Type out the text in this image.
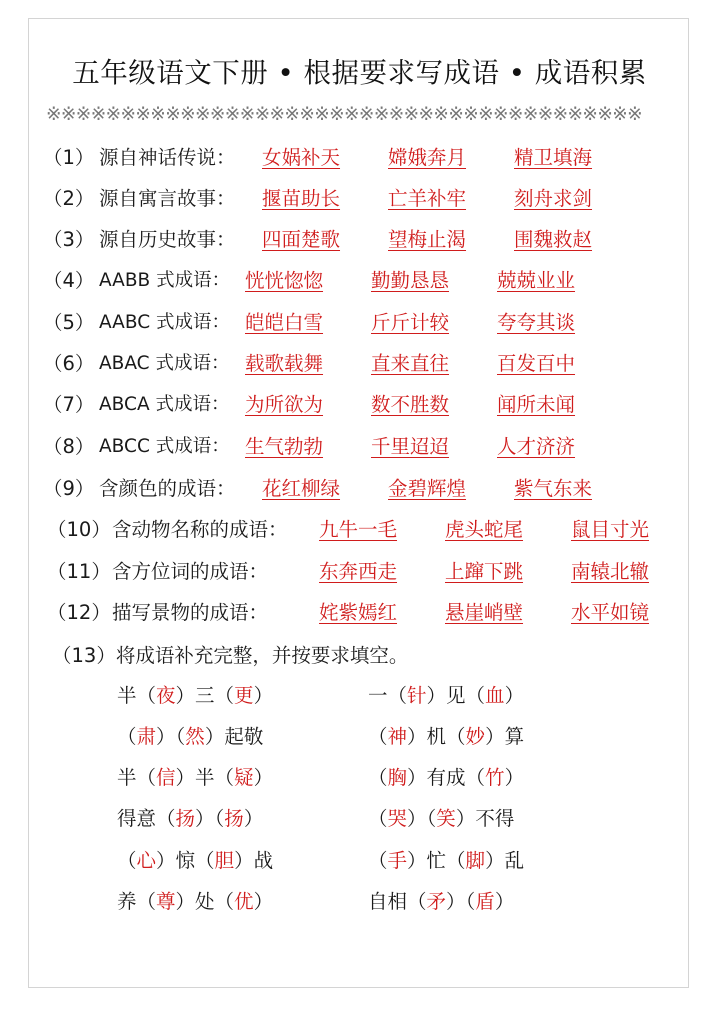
五年级语文下册 • 根据要求写成语 • 成语积累
※※※※※※※※※※※※※※※※※※※※※※※※※※※※※※※※※※※※※※※※
（1） 源自神话传说： 女娲补天 嫦娥奔月 精卫填海
（2） 源自寓言故事： 揠苗助长 亡羊补牢 刻舟求剑
（3） 源自历史故事： 四面楚歌 望梅止渴 围魏救赵
（4） AABB 式成语： 恍恍惚惚 勤勤恳恳 兢兢业业
（5） AABC 式成语： 皑皑白雪 斤斤计较 夸夸其谈
（6） ABAC 式成语： 载歌载舞 直来直往 百发百中
（7） ABCA 式成语： 为所欲为 数不胜数 闻所未闻
（8） ABCC 式成语： 生气勃勃 千里迢迢 人才济济
（9） 含颜色的成语： 花红柳绿 金碧辉煌 紫气东来
（10） 含动物名称的成语： 九牛一毛 虎头蛇尾 鼠目寸光
（11） 含方位词的成语：	东奔西走 上蹿下跳 南辕北辙
（12） 描写景物的成语：	姹紫嫣红 悬崖峭壁 水平如镜
（13）将成语补充完整，并按要求填空。
半（夜）三（更）	一（针）见（血）
（肃）（然）起敬	（神）机（妙）算
半（信）半（疑）	（胸）有成（竹）
得意（扬）（扬）	（哭）（笑）不得
（心）惊（胆）战	（手）忙（脚）乱
养（尊）处（优）	自相（矛）（盾）
